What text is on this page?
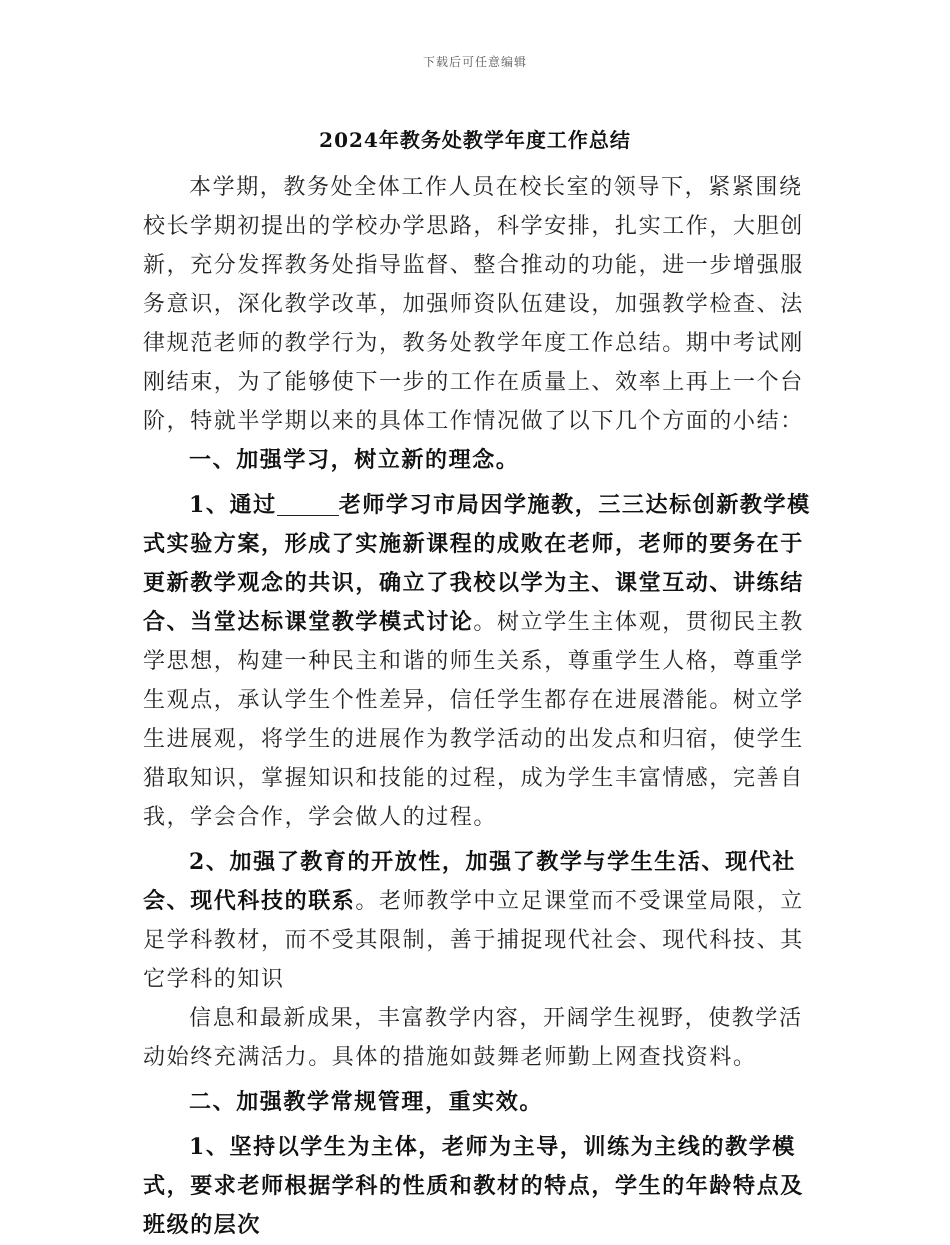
下载后可任意编辑
2024年教务处教学年度工作总结

本学期，教务处全体工作人员在校长室的领导下，紧紧围绕校长学期初提出的学校办学思路，科学安排，扎实工作，大胆创新，充分发挥教务处指导监督、整合推动的功能，进一步增强服务意识，深化教学改革，加强师资队伍建设，加强教学检查、法律规范老师的教学行为，教务处教学年度工作总结。期中考试刚刚结束，为了能够使下一步的工作在质量上、效率上再上一个台阶，特就半学期以来的具体工作情况做了以下几个方面的小结：

一、加强学习，树立新的理念。

1、通过	老师学习市局因学施教，三三达标创新教学模式实验方案，形成了实施新课程的成败在老师，老师的要务在于更新教学观念的共识，确立了我校以学为主、课堂互动、讲练结合、当堂达标课堂教学模式讨论。树立学生主体观，贯彻民主教学思想，构建一种民主和谐的师生关系，尊重学生人格，尊重学生观点，承认学生个性差异，信任学生都存在进展潜能。树立学生进展观，将学生的进展作为教学活动的出发点和归宿，使学生猎取知识，掌握知识和技能的过程，成为学生丰富情感，完善自我，学会合作，学会做人的过程。

2、加强了教育的开放性，加强了教学与学生生活、现代社会、现代科技的联系。老师教学中立足课堂而不受课堂局限，立足学科教材，而不受其限制，善于捕捉现代社会、现代科技、其它学科的知识

信息和最新成果，丰富教学内容，开阔学生视野，使教学活动始终充满活力。具体的措施如鼓舞老师勤上网查找资料。

二、加强教学常规管理，重实效。

1、坚持以学生为主体，老师为主导，训练为主线的教学模式，要求老师根据学科的性质和教材的特点，学生的年龄特点及班级的层次
